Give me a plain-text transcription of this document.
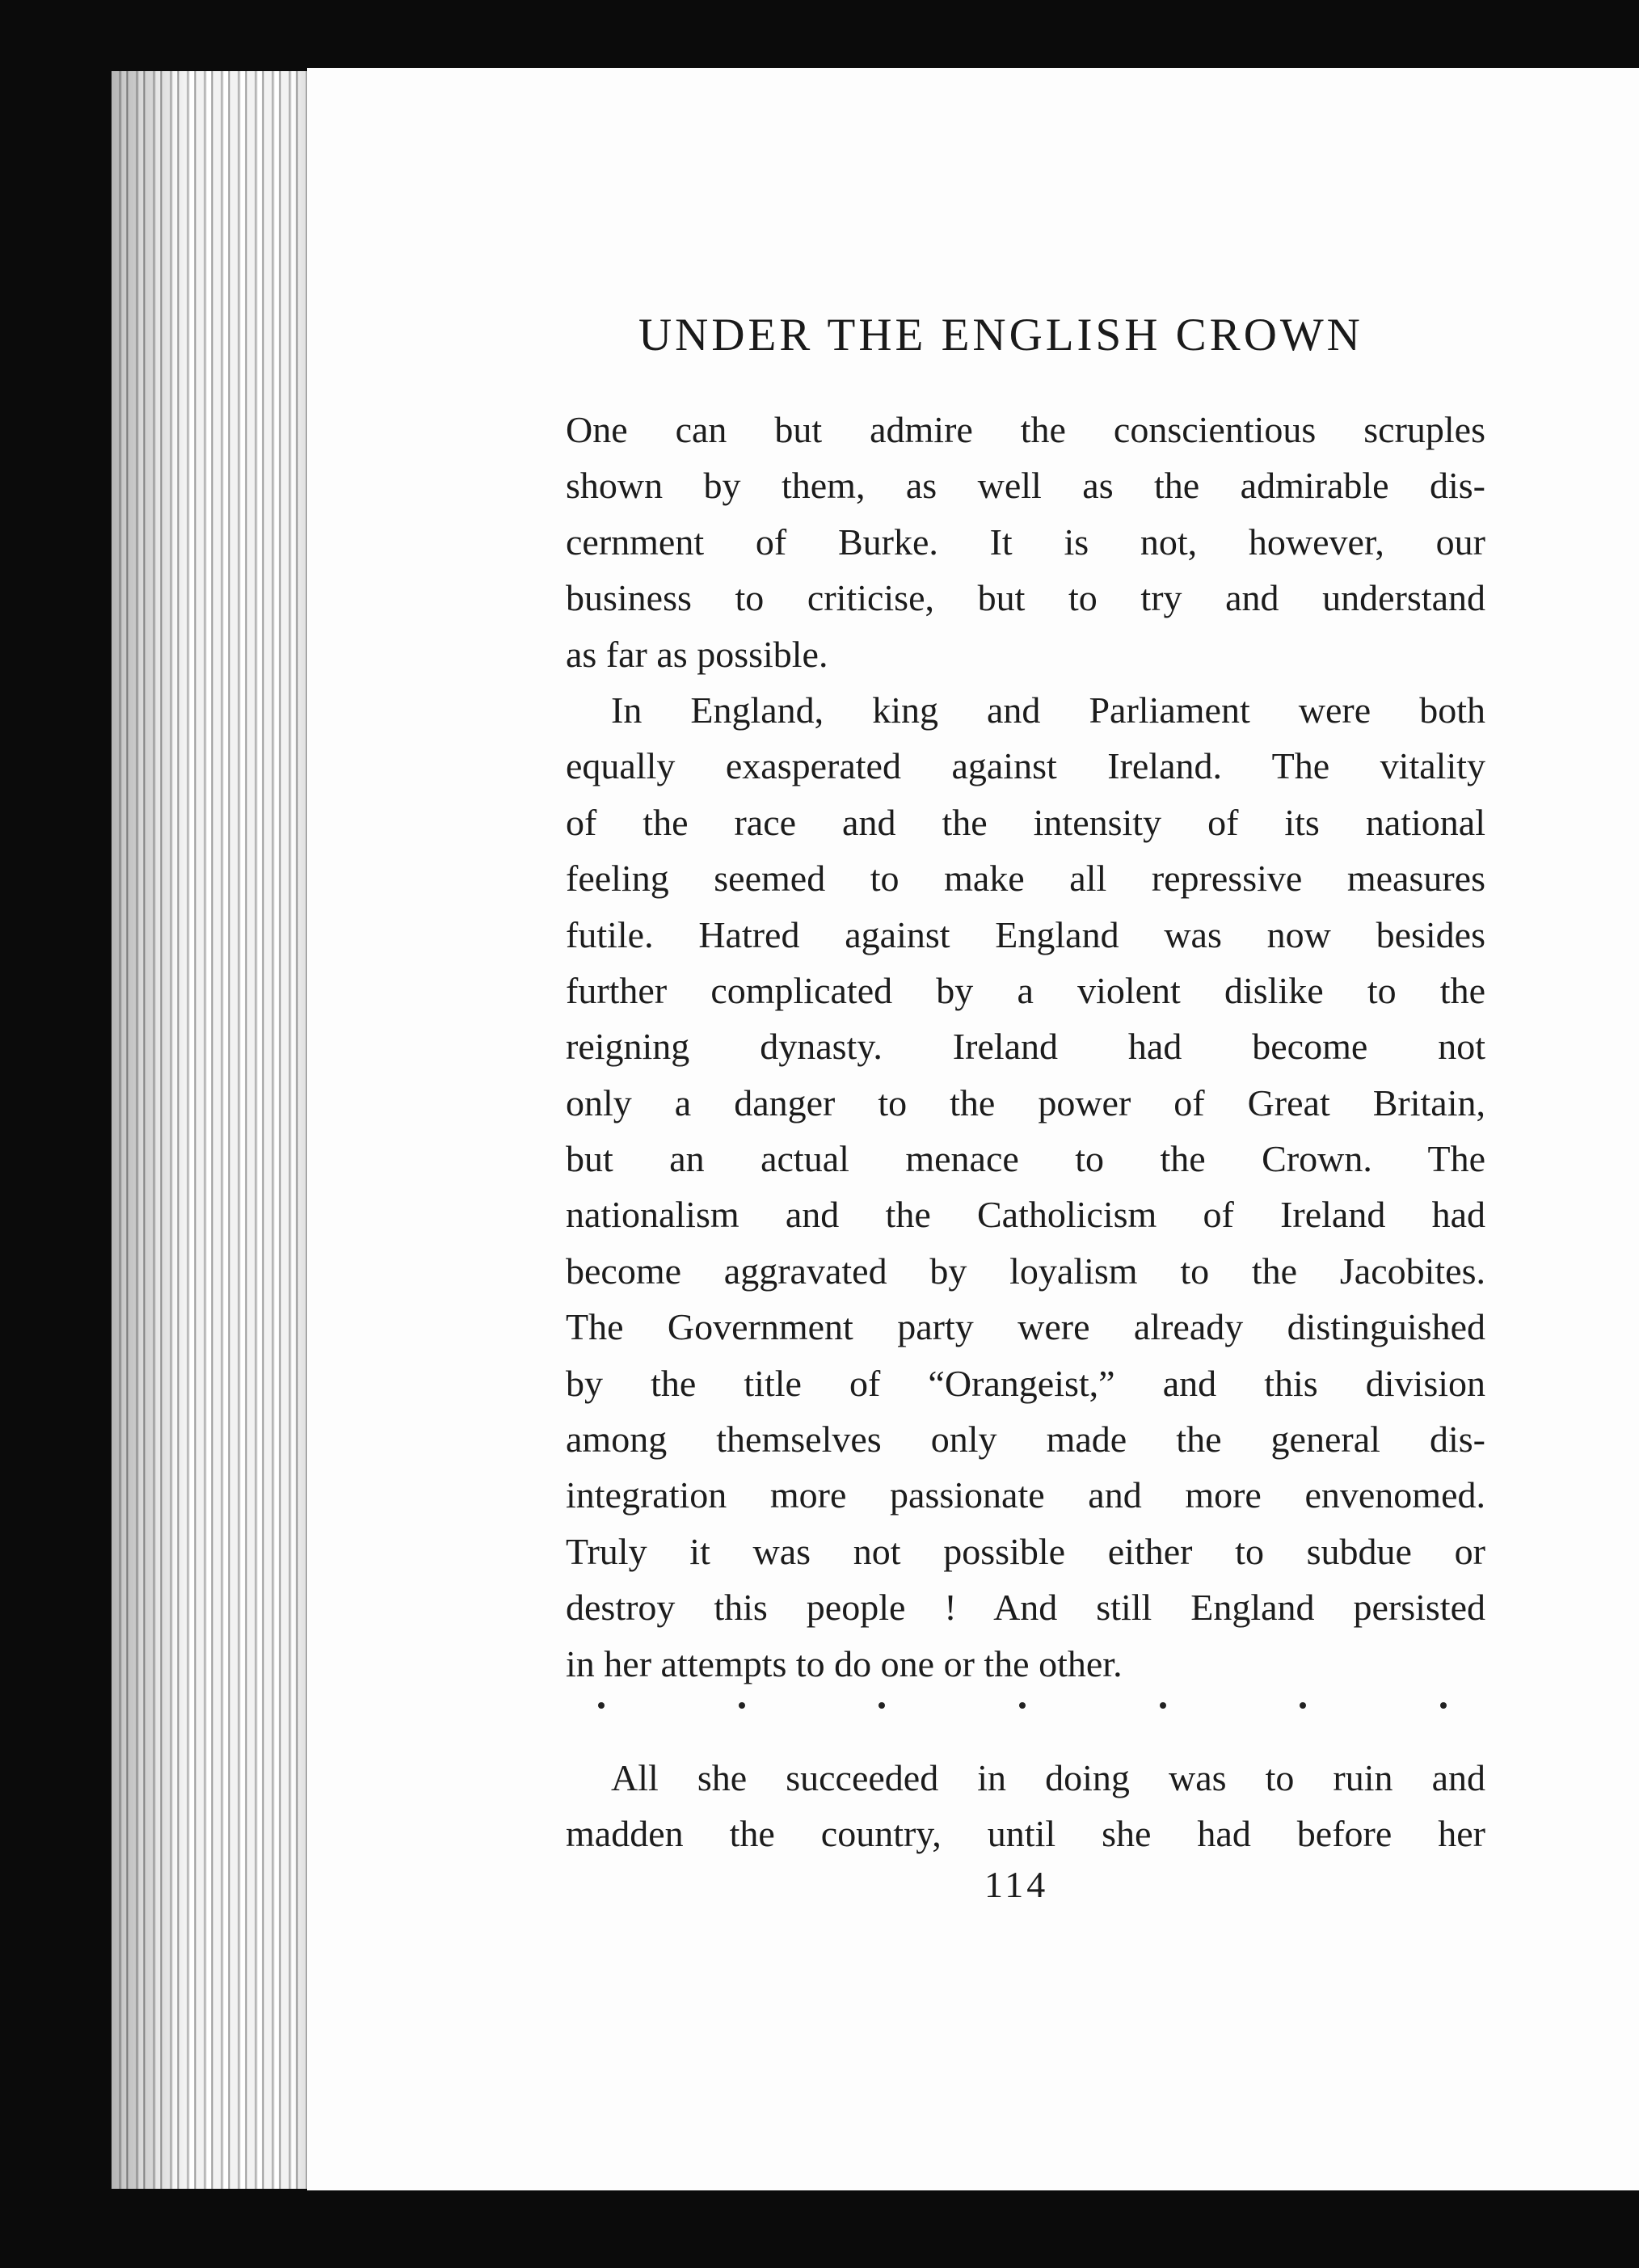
UNDER THE ENGLISH CROWN
One can but admire the conscientious scruples
shown by them, as well as the admirable dis-
cernment of Burke. It is not, however, our
business to criticise, but to try and understand
as far as possible.
In England, king and Parliament were both
equally exasperated against Ireland. The vitality
of the race and the intensity of its national
feeling seemed to make all repressive measures
futile. Hatred against England was now besides
further complicated by a violent dislike to the
reigning dynasty. Ireland had become not
only a danger to the power of Great Britain,
but an actual menace to the Crown. The
nationalism and the Catholicism of Ireland had
become aggravated by loyalism to the Jacobites.
The Government party were already distinguished
by the title of “Orangeist,” and this division
among themselves only made the general dis-
integration more passionate and more envenomed.
Truly it was not possible either to subdue or
destroy this people ! And still England persisted
in her attempts to do one or the other.
All she succeeded in doing was to ruin and
madden the country, until she had before her

114
